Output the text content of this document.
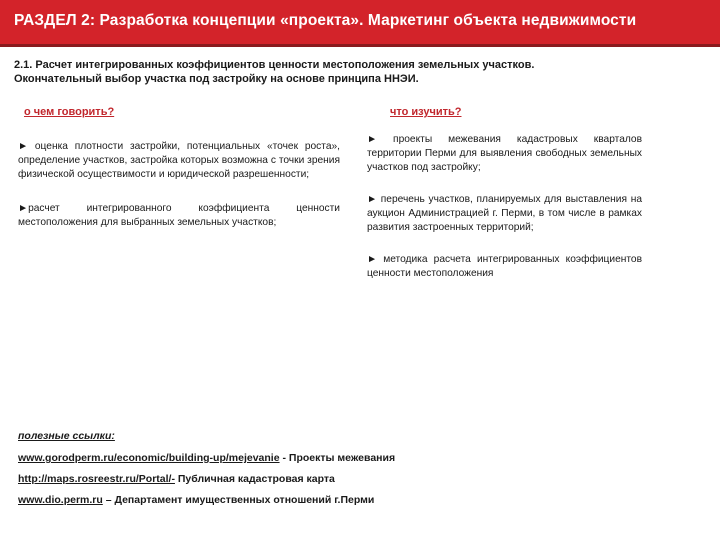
РАЗДЕЛ 2: Разработка концепции «проекта». Маркетинг объекта недвижимости
2.1. Расчет интегрированных коэффициентов ценности местоположения земельных участков.
Окончательный выбор участка под застройку на основе принципа ННЭИ.
о чем говорить?	что изучить?

► оценка плотности застройки, потенциальных «точек роста», определение участков, застройка которых возможна с точки зрения физической осуществимости и юридической разрешенности;

►расчет интегрированного коэффициента ценности местоположения для выбранных земельных участков;

► проекты межевания кадастровых кварталов территории Перми для выявления свободных земельных участков под застройку;

► перечень участков, планируемых для выставления на аукцион Администрацией г. Перми, в том числе в рамках развития застроенных территорий;

► методика расчета интегрированных коэффициентов ценности местоположения

полезные ссылки:
www.gorodperm.ru/economic/building-up/mejevanie - Проекты межевания
http://maps.rosreestr.ru/Portal/- Публичная кадастровая карта
www.dio.perm.ru – Департамент имущественных отношений г.Перми
